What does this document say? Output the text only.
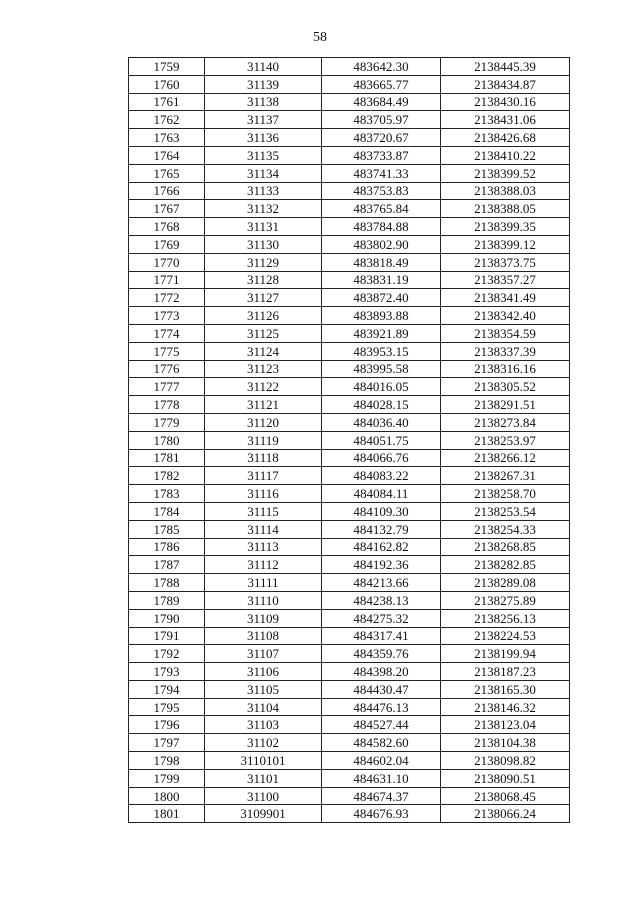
58
1759	31140	483642.30	2138445.39
1760	31139	483665.77	2138434.87
1761	31138	483684.49	2138430.16
1762	31137	483705.97	2138431.06
1763	31136	483720.67	2138426.68
1764	31135	483733.87	2138410.22
1765	31134	483741.33	2138399.52
1766	31133	483753.83	2138388.03
1767	31132	483765.84	2138388.05
1768	31131	483784.88	2138399.35
1769	31130	483802.90	2138399.12
1770	31129	483818.49	2138373.75
1771	31128	483831.19	2138357.27
1772	31127	483872.40	2138341.49
1773	31126	483893.88	2138342.40
1774	31125	483921.89	2138354.59
1775	31124	483953.15	2138337.39
1776	31123	483995.58	2138316.16
1777	31122	484016.05	2138305.52
1778	31121	484028.15	2138291.51
1779	31120	484036.40	2138273.84
1780	31119	484051.75	2138253.97
1781	31118	484066.76	2138266.12
1782	31117	484083.22	2138267.31
1783	31116	484084.11	2138258.70
1784	31115	484109.30	2138253.54
1785	31114	484132.79	2138254.33
1786	31113	484162.82	2138268.85
1787	31112	484192.36	2138282.85
1788	31111	484213.66	2138289.08
1789	31110	484238.13	2138275.89
1790	31109	484275.32	2138256.13
1791	31108	484317.41	2138224.53
1792	31107	484359.76	2138199.94
1793	31106	484398.20	2138187.23
1794	31105	484430.47	2138165.30
1795	31104	484476.13	2138146.32
1796	31103	484527.44	2138123.04
1797	31102	484582.60	2138104.38
1798	3110101	484602.04	2138098.82
1799	31101	484631.10	2138090.51
1800	31100	484674.37	2138068.45
1801	3109901	484676.93	2138066.24
